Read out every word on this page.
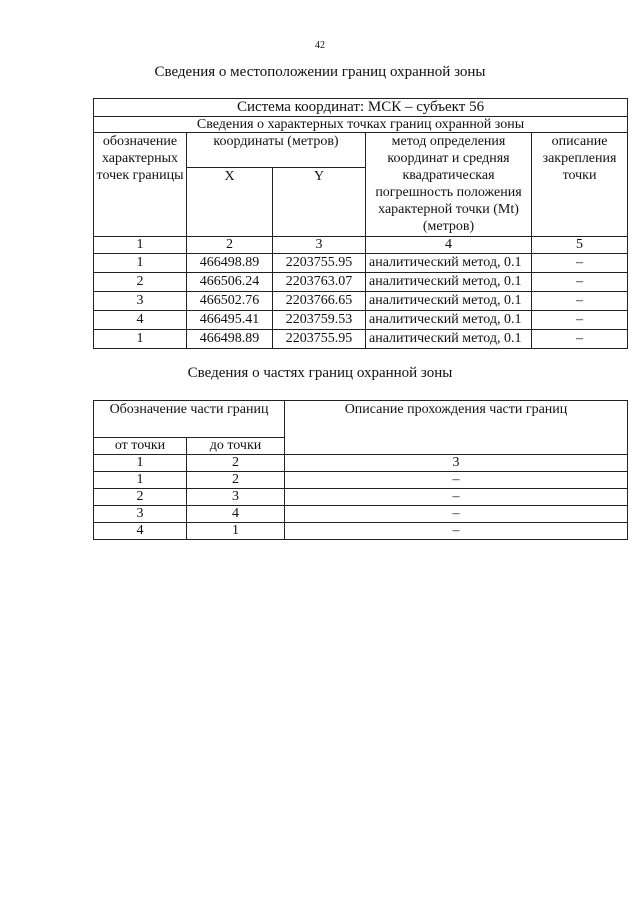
42
Сведения о местоположении границ охранной зоны
Система координат: МСК – субъект 56				
Сведения о характерных точках границ охранной зоны				
обозначение характерных точек границы	координаты (метров)		метод определения координат и средняя квадратическая погрешность положения характерной точки (Mt) (метров)	описание закрепления точки
	X	Y		
1	2	3	4	5
1	466498.89	2203755.95	аналитический метод, 0.1	–
2	466506.24	2203763.07	аналитический метод, 0.1	–
3	466502.76	2203766.65	аналитический метод, 0.1	–
4	466495.41	2203759.53	аналитический метод, 0.1	–
1	466498.89	2203755.95	аналитический метод, 0.1	–
Сведения о частях границ охранной зоны
Обозначение части границ		Описание прохождения части границ
от точки	до точки	
1	2	3
1	2	–
2	3	–
3	4	–
4	1	–
